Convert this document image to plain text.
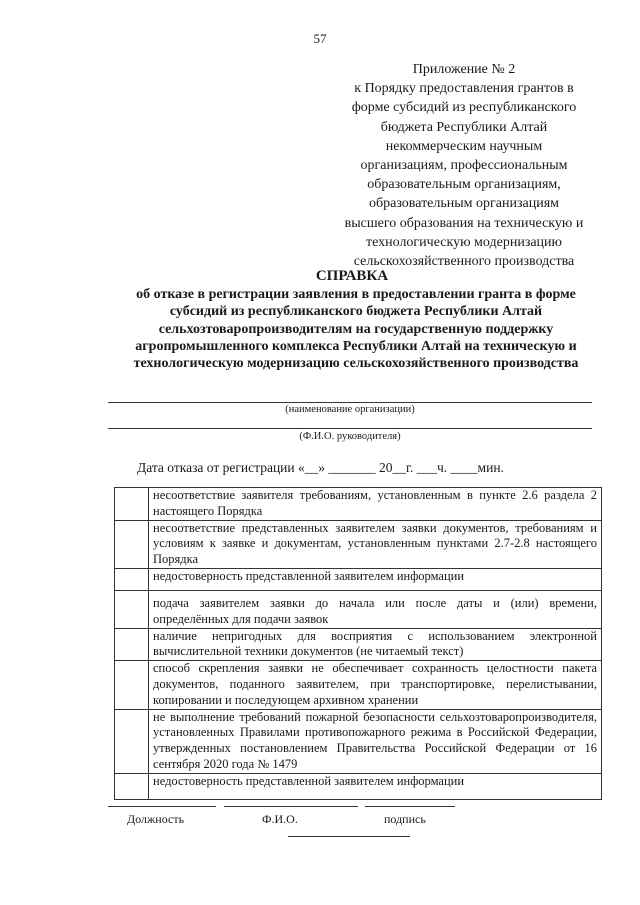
57
Приложение № 2
к Порядку предоставления грантов в
форме субсидий из республиканского
бюджета Республики Алтай
некоммерческим научным
организациям, профессиональным
образовательным организациям,
образовательным организациям
высшего образования на техническую и
технологическую модернизацию
сельскохозяйственного производства
СПРАВКА
об отказе в регистрации заявления в предоставлении гранта в форме
субсидий из республиканского бюджета Республики Алтай
сельхозтоваропроизводителям на государственную поддержку
агропромышленного комплекса Республики Алтай на техническую и
технологическую модернизацию сельскохозяйственного производства
(наименование организации)
(Ф.И.О. руководителя)
Дата отказа от регистрации «__» _______ 20__г. ___ч. ____мин.
	несоответствие заявителя требованиям, установленным в пункте 2.6 раздела 2 настоящего Порядка
	несоответствие представленных заявителем заявки документов, требованиям и условиям к заявке и документам, установленным пунктами 2.7-2.8 настоящего Порядка
	недостоверность представленной заявителем информации
	подача заявителем заявки до начала или после даты и (или) времени, определённых для подачи заявок
	наличие непригодных для восприятия с использованием электронной вычислительной техники документов (не читаемый текст)
	способ скрепления заявки не обеспечивает сохранность целостности пакета документов, поданного заявителем, при транспортировке, перелистывании, копировании и последующем архивном хранении
	не выполнение требований пожарной безопасности сельхозтоваропроизводителя, установленных Правилами противопожарного режима в Российской Федерации, утвержденных постановлением Правительства Российской Федерации от 16 сентября 2020 года № 1479
	недостоверность представленной заявителем информации
Должность	Ф.И.О.	подпись
